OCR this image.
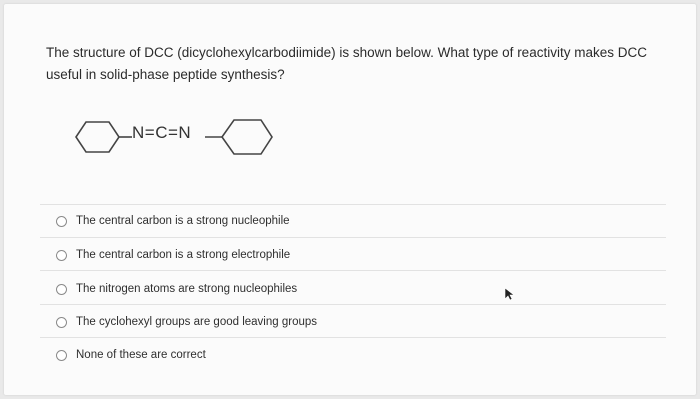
The structure of DCC (dicyclohexylcarbodiimide) is shown below. What type of reactivity makes DCC useful in solid-phase peptide synthesis?
N=C=N
The central carbon is a strong nucleophile
The central carbon is a strong electrophile
The nitrogen atoms are strong nucleophiles
The cyclohexyl groups are good leaving groups
None of these are correct
